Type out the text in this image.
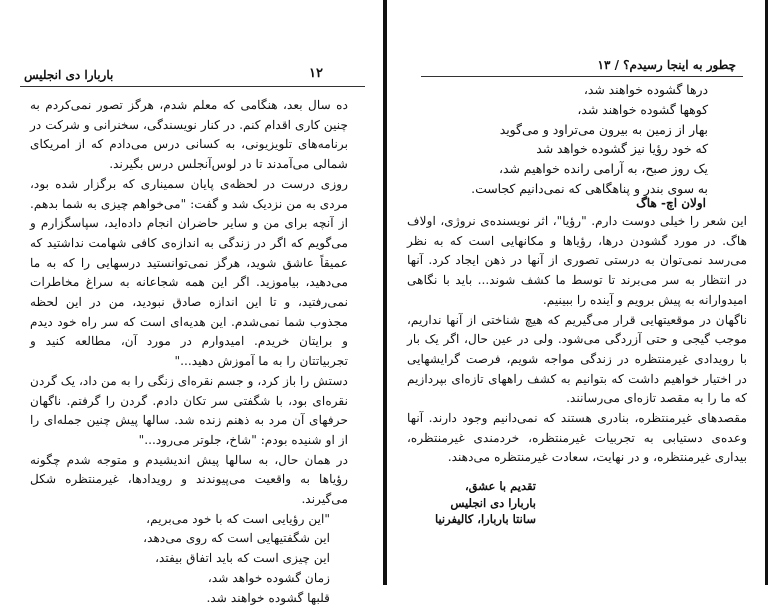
باربارا دی انجلیس	۱۲

ده سال بعد، هنگامی که معلم شدم، هرگز تصور نمی‌کردم به چنین کاری اقدام کنم. در کنار نویسندگی، سخنرانی و شرکت در برنامه‌های تلویزیونی، به کسانی درس می‌دادم که از امریکای شمالی می‌آمدند تا در لوس‌آنجلس درس بگیرند.

روزی درست در لحظه‌ی پایان سمیناری که برگزار شده بود، مردی به من نزدیک شد و گفت: "می‌خواهم چیزی به شما بدهم. از آنچه برای من و سایر حاضران انجام داده‌اید، سپاسگزارم و می‌گویم که اگر در زندگی به اندازه‌ی کافی شهامت نداشتید که عمیقاً عاشق شوید، هرگز نمی‌توانستید درسهایی را که به ما می‌دهید، بیاموزید. اگر این همه شجاعانه به سراغ مخاطرات نمی‌رفتید، و تا این اندازه صادق نبودید، من در این لحظه مجذوب شما نمی‌شدم. این هدیه‌ای است که سر راه خود دیدم و برایتان خریدم. امیدوارم در مورد آن، مطالعه کنید و تجربیاتتان را به ما آموزش دهید..."

دستش را باز کرد، و جسم نقره‌ای زنگی را به من داد، یک گردن نقره‌ای بود، با شگفتی سر تکان دادم. گردن را گرفتم. ناگهان حرفهای آن مرد به ذهنم زنده شد. سالها پیش چنین جمله‌ای را از او شنیده بودم: "شاخ، جلوتر می‌رود..."

در همان حال، به سالها پیش اندیشیدم و متوجه شدم چگونه رؤیاها به واقعیت می‌پیوندند و رویدادها، غیرمنتظره شکل می‌گیرند.

"این رؤیایی است که با خود می‌بریم،
این شگفتیهایی است که روی می‌دهد،
این چیزی است که باید اتفاق بیفتد،
زمان گشوده خواهد شد،
قلبها گشوده خواهند شد.
چطور به اینجا رسیدم؟ / ۱۳
درها گشوده خواهند شد،
کوهها گشوده خواهند شد،
بهار از زمین به بیرون می‌تراود و می‌گوید
که خود رؤیا نیز گشوده خواهد شد
یک روز صبح، به آرامی رانده خواهیم شد،
به سوی بندر و پناهگاهی که نمی‌دانیم کجاست.
اولان اچ- هاگ

این شعر را خیلی دوست دارم. "رؤیا"، اثر نویسنده‌ی نروژی، اولاف هاگ. در مورد گشودن درها، رؤیاها و مکانهایی است که به نظر می‌رسد نمی‌توان به درستی تصوری از آنها در ذهن ایجاد کرد. آنها در انتظار به سر می‌برند تا توسط ما کشف شوند... باید با نگاهی امیدوارانه به پیش برویم و آینده را ببینیم.

ناگهان در موقعیتهایی قرار می‌گیریم که هیچ شناختی از آنها نداریم، موجب گیجی و حتی آزردگی می‌شود. ولی در عین حال، اگر یک بار با رویدادی غیرمنتظره در زندگی مواجه شویم، فرصت گرایشهایی در اختیار خواهیم داشت که بتوانیم به کشف راههای تازه‌ای بپردازیم که ما را به مقصد تازه‌ای می‌رسانند.

مقصدهای غیرمنتظره، بنادری هستند که نمی‌دانیم وجود دارند. آنها وعده‌ی دستیابی به تجربیات غیرمنتظره، خردمندی غیرمنتظره، بیداری غیرمنتظره، و در نهایت، سعادت غیرمنتظره می‌دهند.

تقدیم با عشق،
باربارا دی انجلیس
سانتا باربارا، کالیفرنیا
